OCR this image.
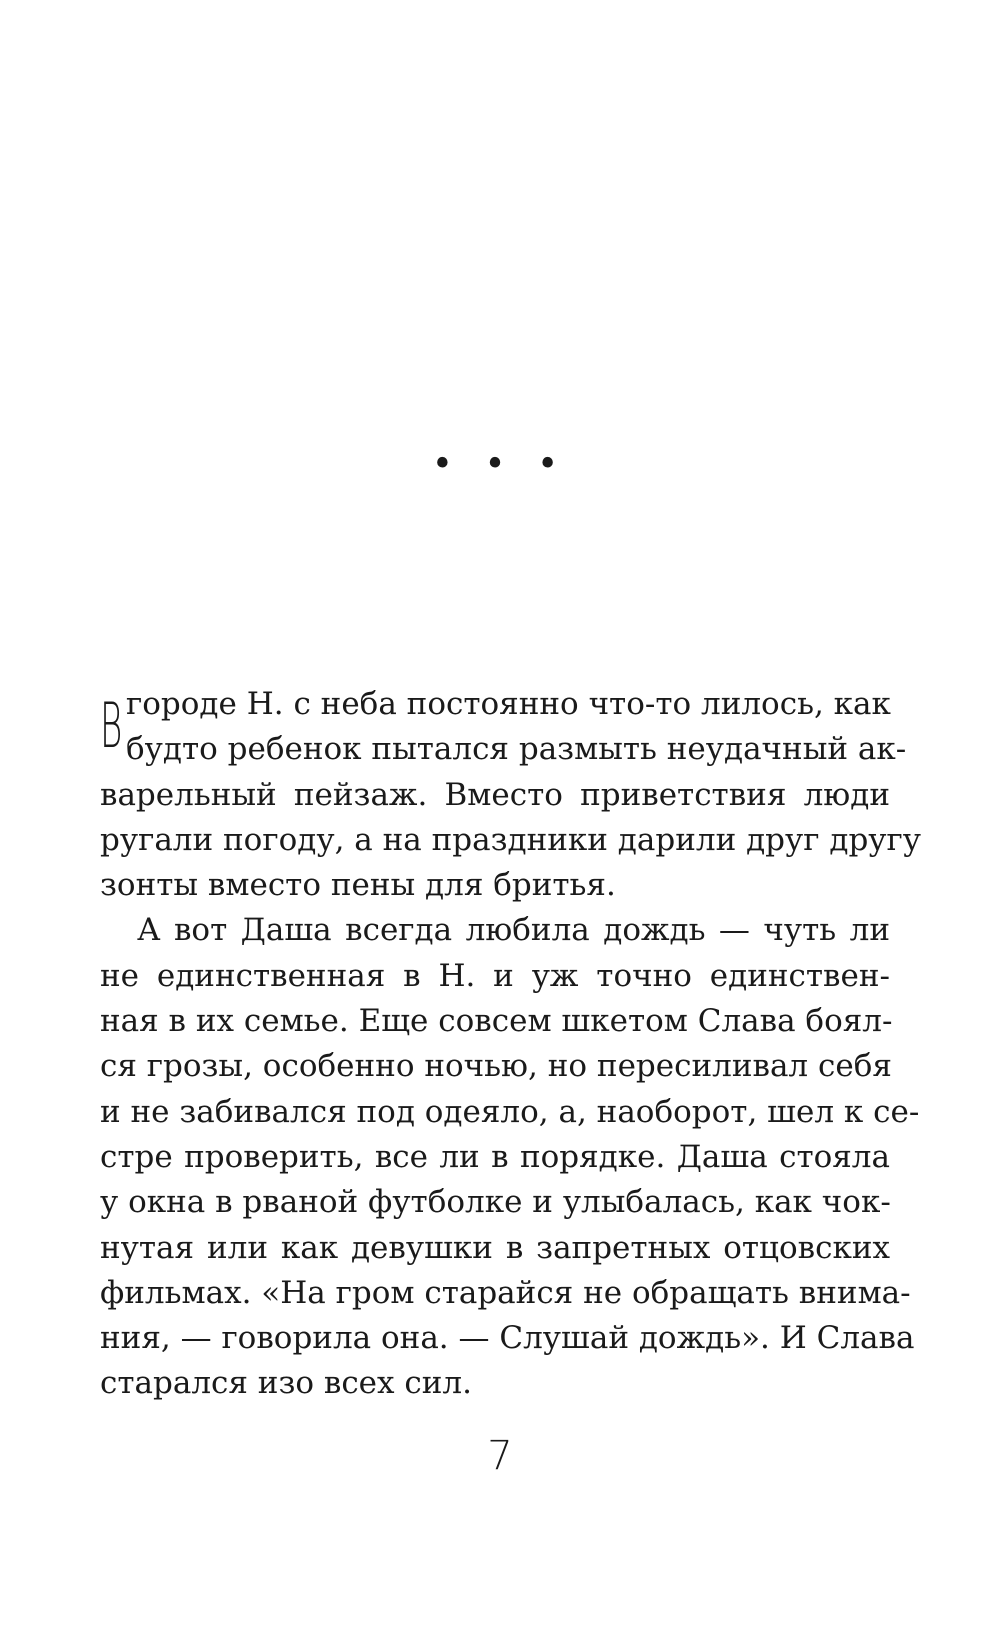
• • •
В городе Н. с неба постоянно что-то лилось, как
будто ребенок пытался размыть неудачный ак-
варельный пейзаж. Вместо приветствия люди
ругали погоду, а на праздники дарили друг другу
зонты вместо пены для бритья.
А вот Даша всегда любила дождь — чуть ли
не единственная в Н. и уж точно единствен-
ная в их семье. Еще совсем шкетом Слава боял-
ся грозы, особенно ночью, но пересиливал себя
и не забивался под одеяло, а, наоборот, шел к се-
стре проверить, все ли в порядке. Даша стояла
у окна в рваной футболке и улыбалась, как чок-
нутая или как девушки в запретных отцовских
фильмах. «На гром старайся не обращать внима-
ния, — говорила она. — Слушай дождь». И Слава
старался изо всех сил.
7
